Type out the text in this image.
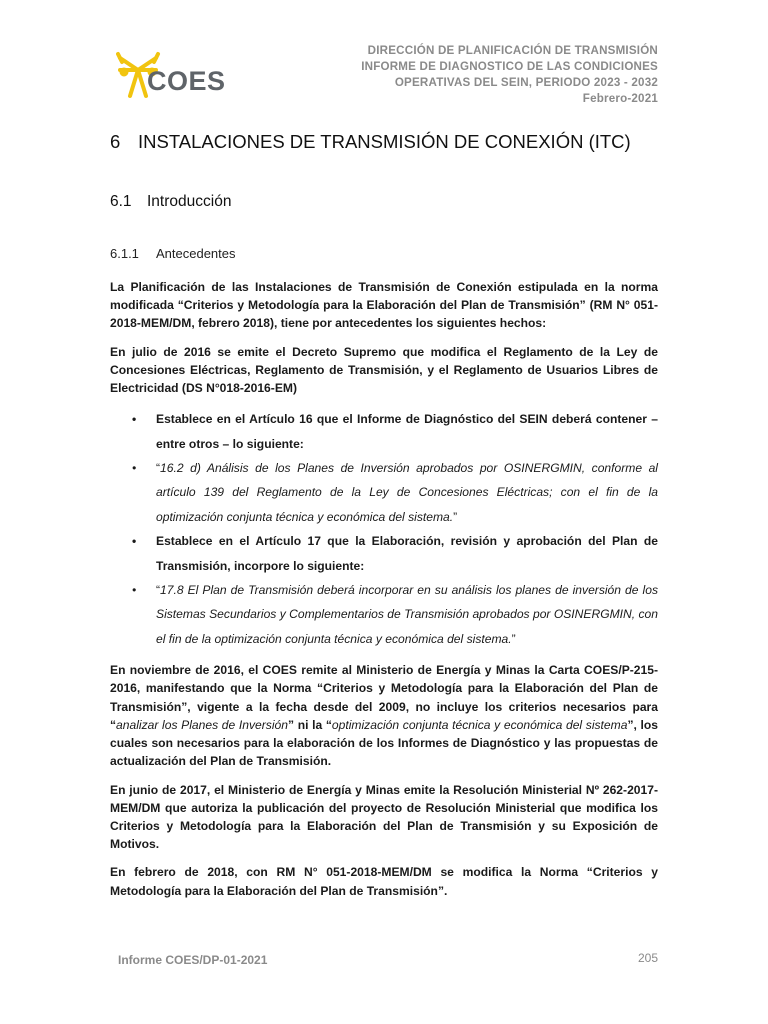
COES
DIRECCIÓN DE PLANIFICACIÓN DE TRANSMISIÓN
INFORME DE DIAGNOSTICO DE LAS CONDICIONES
OPERATIVAS DEL SEIN, PERIODO 2023 - 2032
Febrero-2021
6 INSTALACIONES DE TRANSMISIÓN DE CONEXIÓN (ITC)
6.1 Introducción
6.1.1 Antecedentes

La Planificación de las Instalaciones de Transmisión de Conexión estipulada en la norma modificada “Criterios y Metodología para la Elaboración del Plan de Transmisión” (RM N° 051-2018-MEM/DM, febrero 2018), tiene por antecedentes los siguientes hechos:

En julio de 2016 se emite el Decreto Supremo que modifica el Reglamento de la Ley de Concesiones Eléctricas, Reglamento de Transmisión, y el Reglamento de Usuarios Libres de Electricidad (DS N°018-2016-EM)

• Establece en el Artículo 16 que el Informe de Diagnóstico del SEIN deberá contener – entre otros – lo siguiente:
• “16.2 d) Análisis de los Planes de Inversión aprobados por OSINERGMIN, conforme al artículo 139 del Reglamento de la Ley de Concesiones Eléctricas; con el fin de la optimización conjunta técnica y económica del sistema.”
• Establece en el Artículo 17 que la Elaboración, revisión y aprobación del Plan de Transmisión, incorpore lo siguiente:
• “17.8 El Plan de Transmisión deberá incorporar en su análisis los planes de inversión de los Sistemas Secundarios y Complementarios de Transmisión aprobados por OSINERGMIN, con el fin de la optimización conjunta técnica y económica del sistema.”

En noviembre de 2016, el COES remite al Ministerio de Energía y Minas la Carta COES/P-215-2016, manifestando que la Norma “Criterios y Metodología para la Elaboración del Plan de Transmisión”, vigente a la fecha desde del 2009, no incluye los criterios necesarios para “analizar los Planes de Inversión” ni la “optimización conjunta técnica y económica del sistema”, los cuales son necesarios para la elaboración de los Informes de Diagnóstico y las propuestas de actualización del Plan de Transmisión.

En junio de 2017, el Ministerio de Energía y Minas emite la Resolución Ministerial Nº 262-2017-MEM/DM que autoriza la publicación del proyecto de Resolución Ministerial que modifica los Criterios y Metodología para la Elaboración del Plan de Transmisión y su Exposición de Motivos.

En febrero de 2018, con RM N° 051-2018-MEM/DM se modifica la Norma “Criterios y Metodología para la Elaboración del Plan de Transmisión”.

Informe COES/DP-01-2021	205
